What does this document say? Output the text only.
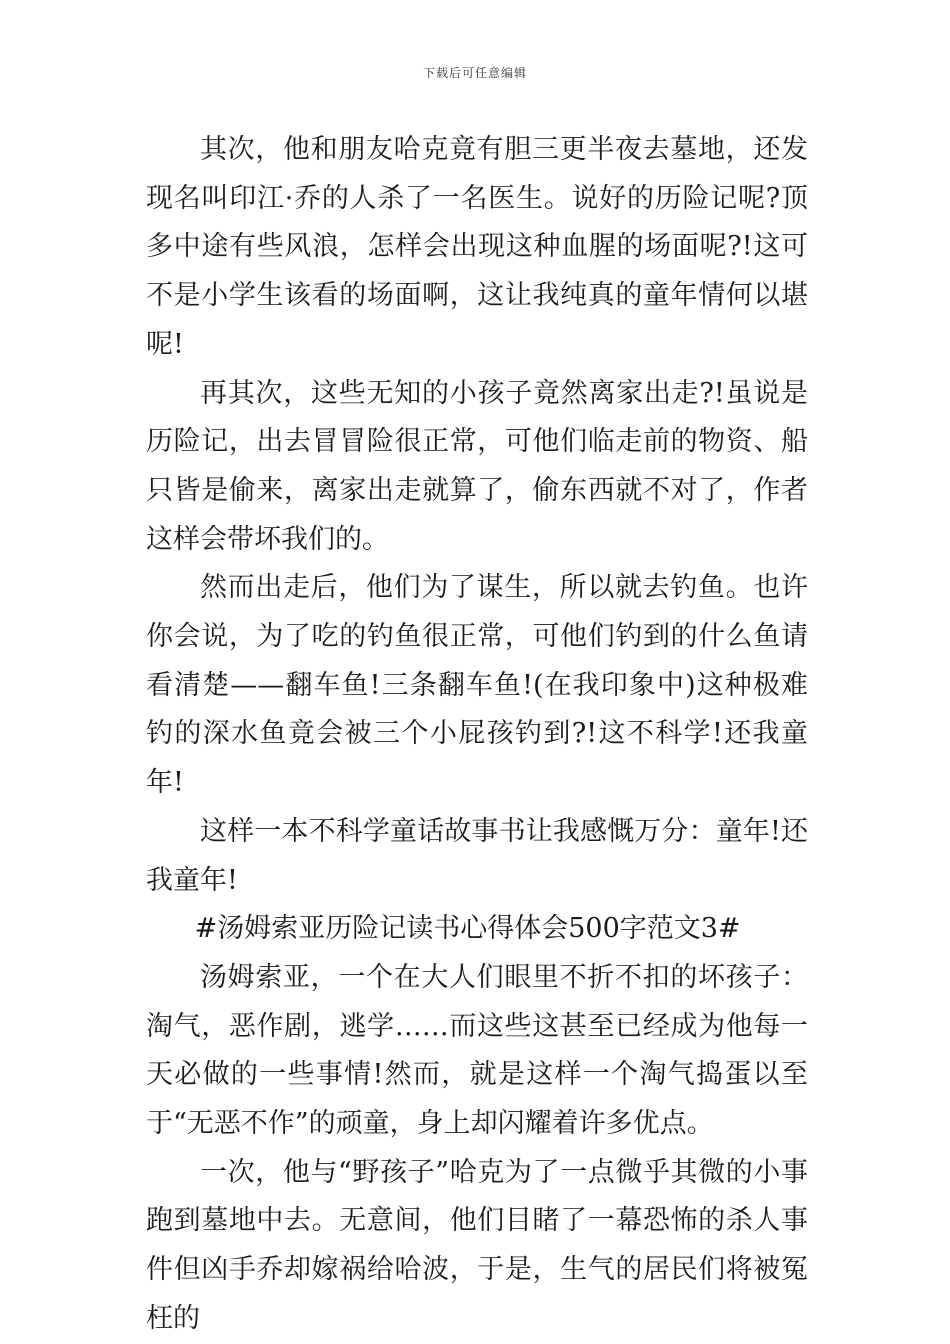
下载后可任意编辑

其次，他和朋友哈克竟有胆三更半夜去墓地，还发现名叫印江·乔的人杀了一名医生。说好的历险记呢?顶多中途有些风浪，怎样会出现这种血腥的场面呢?!这可不是小学生该看的场面啊，这让我纯真的童年情何以堪呢!

再其次，这些无知的小孩子竟然离家出走?!虽说是历险记，出去冒冒险很正常，可他们临走前的物资、船只皆是偷来，离家出走就算了，偷东西就不对了，作者这样会带坏我们的。

然而出走后，他们为了谋生，所以就去钓鱼。也许你会说，为了吃的钓鱼很正常，可他们钓到的什么鱼请看清楚——翻车鱼!三条翻车鱼!(在我印象中)这种极难钓的深水鱼竟会被三个小屁孩钓到?!这不科学!还我童年!

这样一本不科学童话故事书让我感慨万分：童年!还我童年!

#汤姆索亚历险记读书心得体会500字范文3#

汤姆索亚，一个在大人们眼里不折不扣的坏孩子：淘气，恶作剧，逃学……而这些这甚至已经成为他每一天必做的一些事情!然而，就是这样一个淘气捣蛋以至于“无恶不作”的顽童，身上却闪耀着许多优点。

一次，他与“野孩子”哈克为了一点微乎其微的小事跑到墓地中去。无意间，他们目睹了一幕恐怖的杀人事件但凶手乔却嫁祸给哈波，于是，生气的居民们将被冤枉的
